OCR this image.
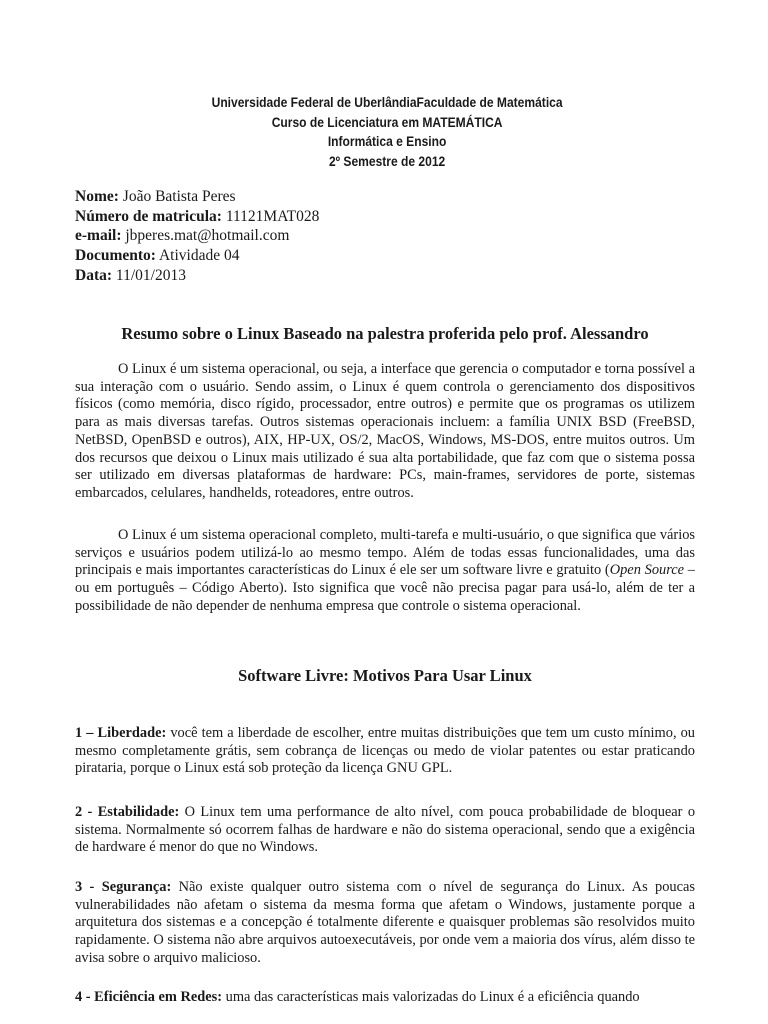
Universidade Federal de UberlândiaFaculdade de Matemática
Curso de Licenciatura em MATEMÁTICA
Informática e Ensino
2º Semestre de 2012
Nome: João Batista Peres
Número de matricula: 11121MAT028
e-mail: jbperes.mat@hotmail.com
Documento: Atividade 04
Data: 11/01/2013
Resumo sobre o Linux Baseado na palestra proferida pelo prof. Alessandro

O Linux é um sistema operacional, ou seja, a interface que gerencia o computador e torna possível a sua interação com o usuário. Sendo assim, o Linux é quem controla o gerenciamento dos dispositivos físicos (como memória, disco rígido, processador, entre outros) e permite que os programas os utilizem para as mais diversas tarefas. Outros sistemas operacionais incluem: a família UNIX BSD (FreeBSD, NetBSD, OpenBSD e outros), AIX, HP-UX, OS/2, MacOS, Windows, MS-DOS, entre muitos outros. Um dos recursos que deixou o Linux mais utilizado é sua alta portabilidade, que faz com que o sistema possa ser utilizado em diversas plataformas de hardware: PCs, main-frames, servidores de porte, sistemas embarcados, celulares, handhelds, roteadores, entre outros.

O Linux é um sistema operacional completo, multi-tarefa e multi-usuário, o que significa que vários serviços e usuários podem utilizá-lo ao mesmo tempo. Além de todas essas funcionalidades, uma das principais e mais importantes características do Linux é ele ser um software livre e gratuito (Open Source – ou em português – Código Aberto). Isto significa que você não precisa pagar para usá-lo, além de ter a possibilidade de não depender de nenhuma empresa que controle o sistema operacional.

Software Livre: Motivos Para Usar Linux

1 – Liberdade: você tem a liberdade de escolher, entre muitas distribuições que tem um custo mínimo, ou mesmo completamente grátis, sem cobrança de licenças ou medo de violar patentes ou estar praticando pirataria, porque o Linux está sob proteção da licença GNU GPL.

2 - Estabilidade: O Linux tem uma performance de alto nível, com pouca probabilidade de bloquear o sistema. Normalmente só ocorrem falhas de hardware e não do sistema operacional, sendo que a exigência de hardware é menor do que no Windows.

3 - Segurança: Não existe qualquer outro sistema com o nível de segurança do Linux. As poucas vulnerabilidades não afetam o sistema da mesma forma que afetam o Windows, justamente porque a arquitetura dos sistemas e a concepção é totalmente diferente e quaisquer problemas são resolvidos muito rapidamente. O sistema não abre arquivos autoexecutáveis, por onde vem a maioria dos vírus, além disso te avisa sobre o arquivo malicioso.

4 - Eficiência em Redes: uma das características mais valorizadas do Linux é a eficiência quando
